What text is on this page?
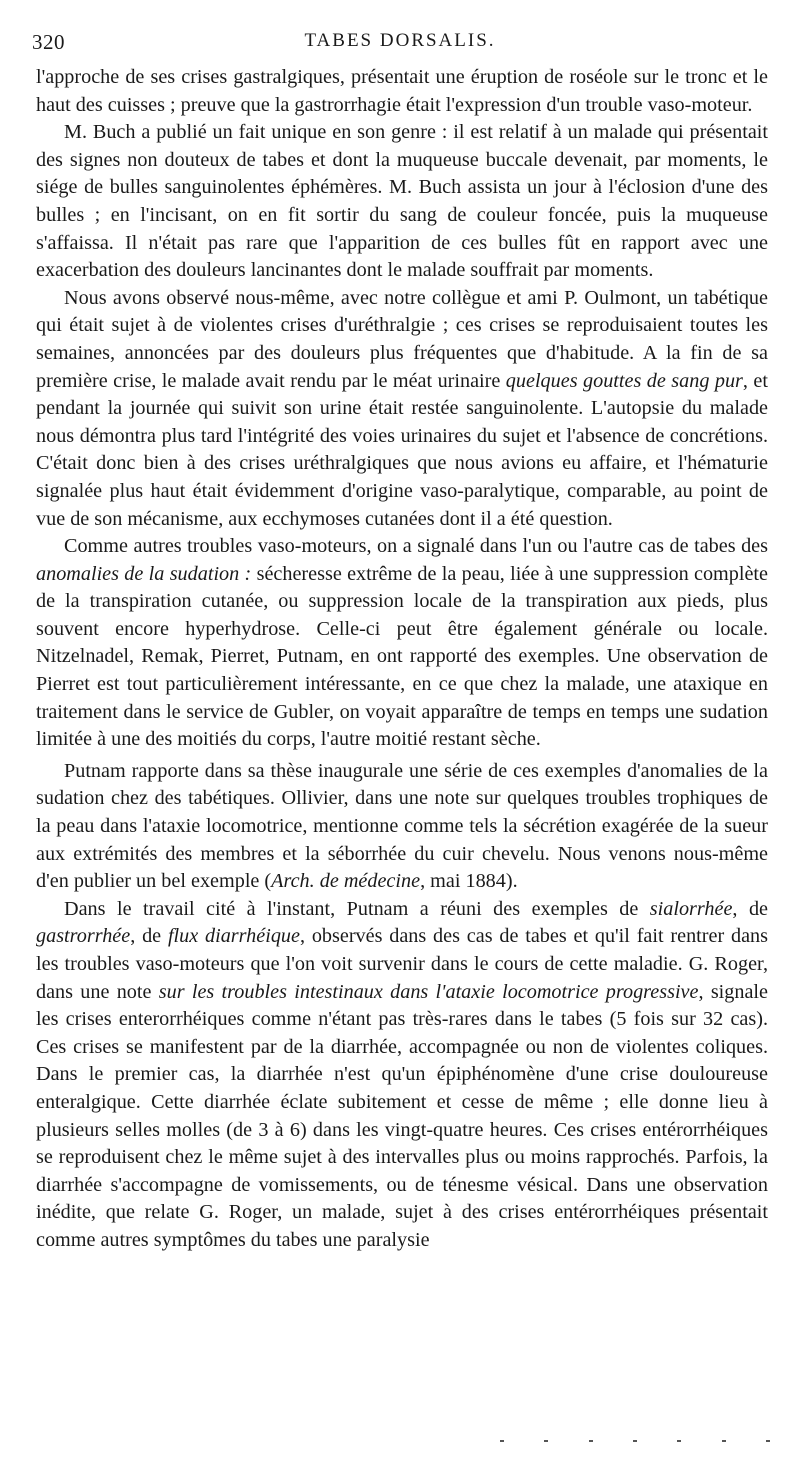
320	TABES DORSALIS.

l'approche de ses crises gastralgiques, présentait une éruption de roséole sur le tronc et le haut des cuisses ; preuve que la gastrorrhagie était l'expression d'un trouble vaso-moteur.

M. Buch a publié un fait unique en son genre : il est relatif à un malade qui présentait des signes non douteux de tabes et dont la muqueuse buccale devenait, par moments, le siége de bulles sanguinolentes éphémères. M. Buch assista un jour à l'éclosion d'une des bulles ; en l'incisant, on en fit sortir du sang de couleur foncée, puis la muqueuse s'affaissa. Il n'était pas rare que l'apparition de ces bulles fût en rapport avec une exacerbation des douleurs lancinantes dont le malade souffrait par moments.

Nous avons observé nous-même, avec notre collègue et ami P. Oulmont, un tabétique qui était sujet à de violentes crises d'uréthralgie ; ces crises se reproduisaient toutes les semaines, annoncées par des douleurs plus fréquentes que d'habitude. A la fin de sa première crise, le malade avait rendu par le méat urinaire quelques gouttes de sang pur, et pendant la journée qui suivit son urine était restée sanguinolente. L'autopsie du malade nous démontra plus tard l'intégrité des voies urinaires du sujet et l'absence de concrétions. C'était donc bien à des crises uréthralgiques que nous avions eu affaire, et l'hématurie signalée plus haut était évidemment d'origine vaso-paralytique, comparable, au point de vue de son mécanisme, aux ecchymoses cutanées dont il a été question.

Comme autres troubles vaso-moteurs, on a signalé dans l'un ou l'autre cas de tabes des anomalies de la sudation : sécheresse extrême de la peau, liée à une suppression complète de la transpiration cutanée, ou suppression locale de la transpiration aux pieds, plus souvent encore hyperhydrose. Celle-ci peut être également générale ou locale. Nitzelnadel, Remak, Pierret, Putnam, en ont rapporté des exemples. Une observation de Pierret est tout particulièrement intéressante, en ce que chez la malade, une ataxique en traitement dans le service de Gubler, on voyait apparaître de temps en temps une sudation limitée à une des moitiés du corps, l'autre moitié restant sèche.

Putnam rapporte dans sa thèse inaugurale une série de ces exemples d'anomalies de la sudation chez des tabétiques. Ollivier, dans une note sur quelques troubles trophiques de la peau dans l'ataxie locomotrice, mentionne comme tels la sécrétion exagérée de la sueur aux extrémités des membres et la séborrhée du cuir chevelu. Nous venons nous-même d'en publier un bel exemple (Arch. de médecine, mai 1884).

Dans le travail cité à l'instant, Putnam a réuni des exemples de sialorrhée, de gastrorrhée, de flux diarrhéique, observés dans des cas de tabes et qu'il fait rentrer dans les troubles vaso-moteurs que l'on voit survenir dans le cours de cette maladie. G. Roger, dans une note sur les troubles intestinaux dans l'ataxie locomotrice progressive, signale les crises enterorrhéiques comme n'étant pas très-rares dans le tabes (5 fois sur 32 cas). Ces crises se manifestent par de la diarrhée, accompagnée ou non de violentes coliques. Dans le premier cas, la diarrhée n'est qu'un épiphénomène d'une crise douloureuse enteralgique. Cette diarrhée éclate subitement et cesse de même ; elle donne lieu à plusieurs selles molles (de 3 à 6) dans les vingt-quatre heures. Ces crises entérorrhéiques se reproduisent chez le même sujet à des intervalles plus ou moins rapprochés. Parfois, la diarrhée s'accompagne de vomissements, ou de ténesme vésical. Dans une observation inédite, que relate G. Roger, un malade, sujet à des crises entérorrhéiques présentait comme autres symptômes du tabes une paralysie
